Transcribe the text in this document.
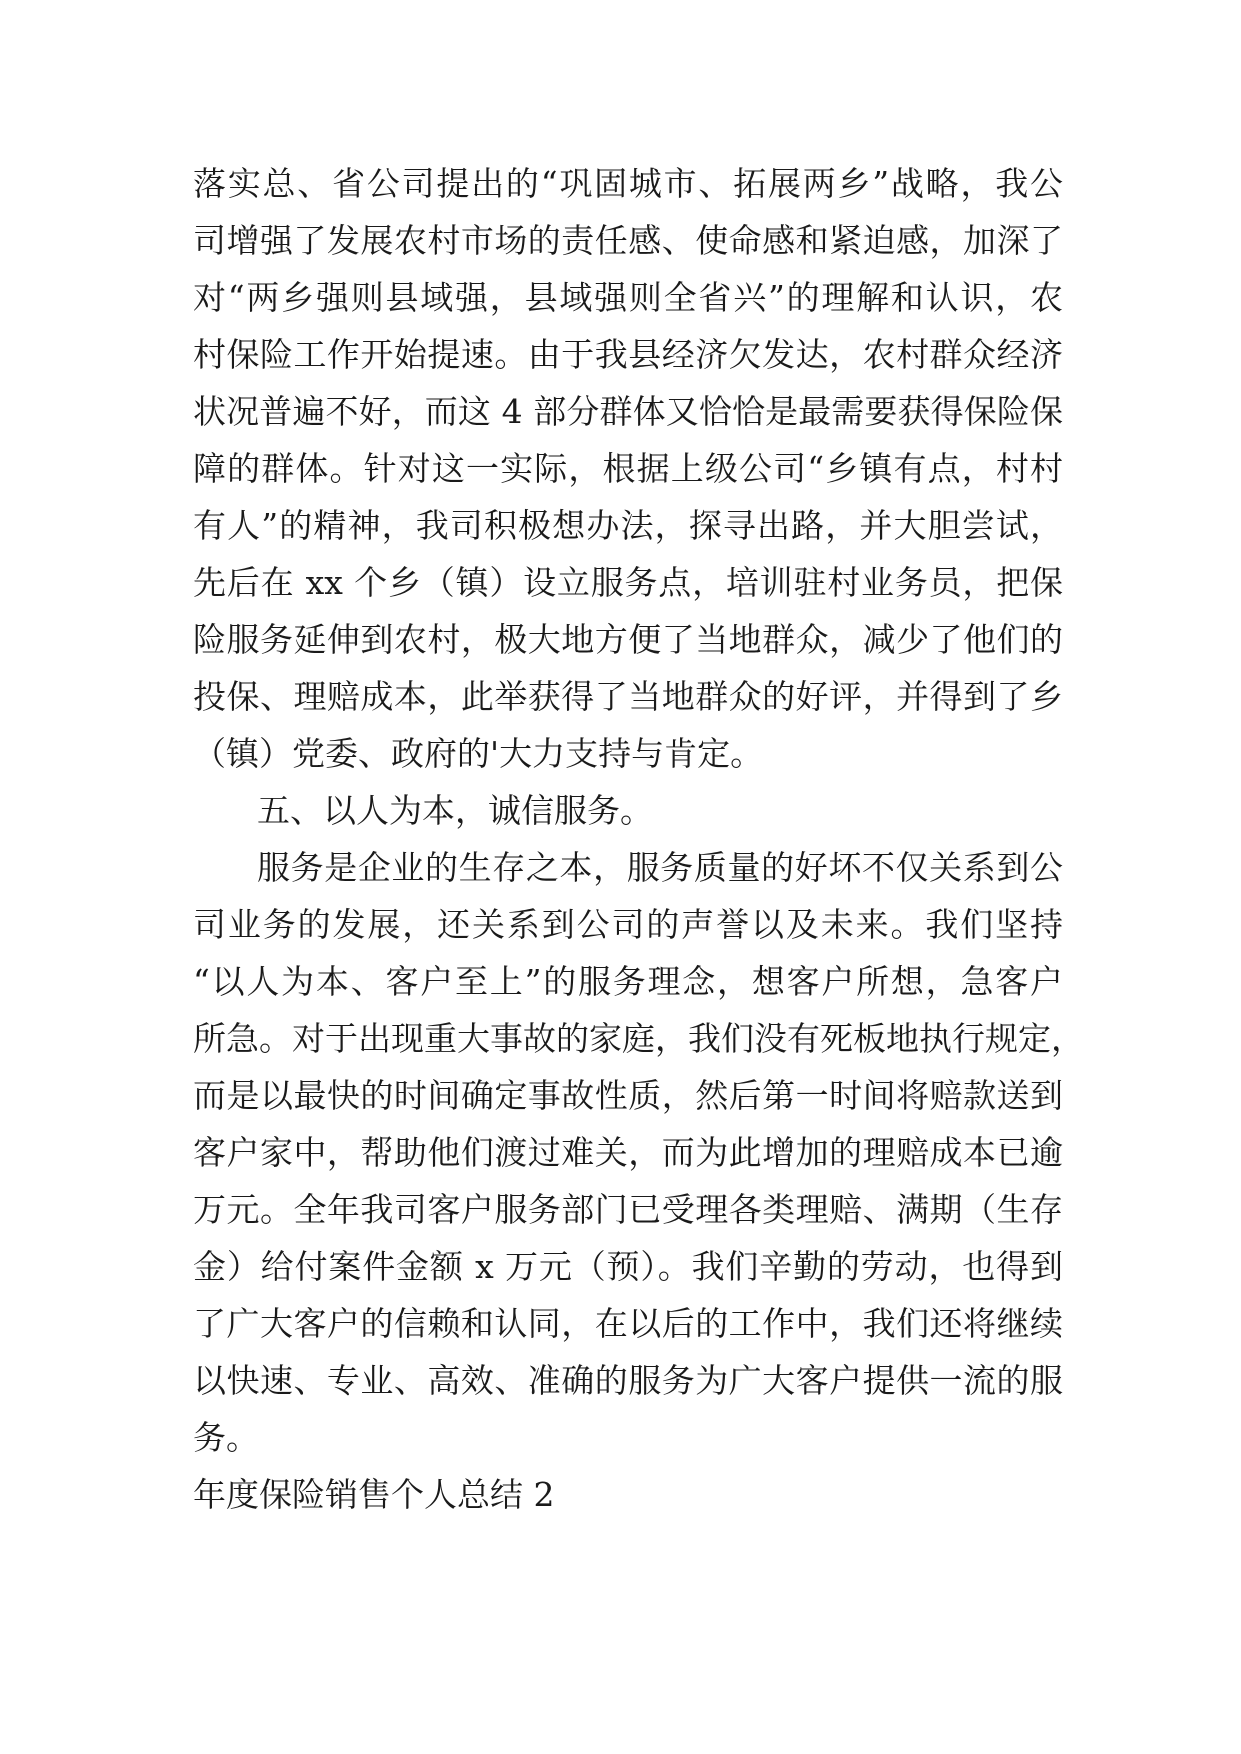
落实总、省公司提出的“巩固城市、拓展两乡”战略，我公
司增强了发展农村市场的责任感、使命感和紧迫感，加深了
对“两乡强则县域强，县域强则全省兴”的理解和认识，农
村保险工作开始提速。由于我县经济欠发达，农村群众经济
状况普遍不好，而这 4 部分群体又恰恰是最需要获得保险保
障的群体。针对这一实际，根据上级公司“乡镇有点，村村
有人”的精神，我司积极想办法，探寻出路，并大胆尝试，
先后在 xx 个乡（镇）设立服务点，培训驻村业务员，把保
险服务延伸到农村，极大地方便了当地群众，减少了他们的
投保、理赔成本，此举获得了当地群众的好评，并得到了乡
（镇）党委、政府的'大力支持与肯定。
五、以人为本，诚信服务。
服务是企业的生存之本，服务质量的好坏不仅关系到公
司业务的发展，还关系到公司的声誉以及未来。我们坚持
“以人为本、客户至上”的服务理念，想客户所想，急客户
所急。对于出现重大事故的家庭，我们没有死板地执行规定，
而是以最快的时间确定事故性质，然后第一时间将赔款送到
客户家中，帮助他们渡过难关，而为此增加的理赔成本已逾
万元。全年我司客户服务部门已受理各类理赔、满期（生存
金）给付案件金额 x 万元（预）。我们辛勤的劳动，也得到
了广大客户的信赖和认同，在以后的工作中，我们还将继续
以快速、专业、高效、准确的服务为广大客户提供一流的服
务。
年度保险销售个人总结 2
